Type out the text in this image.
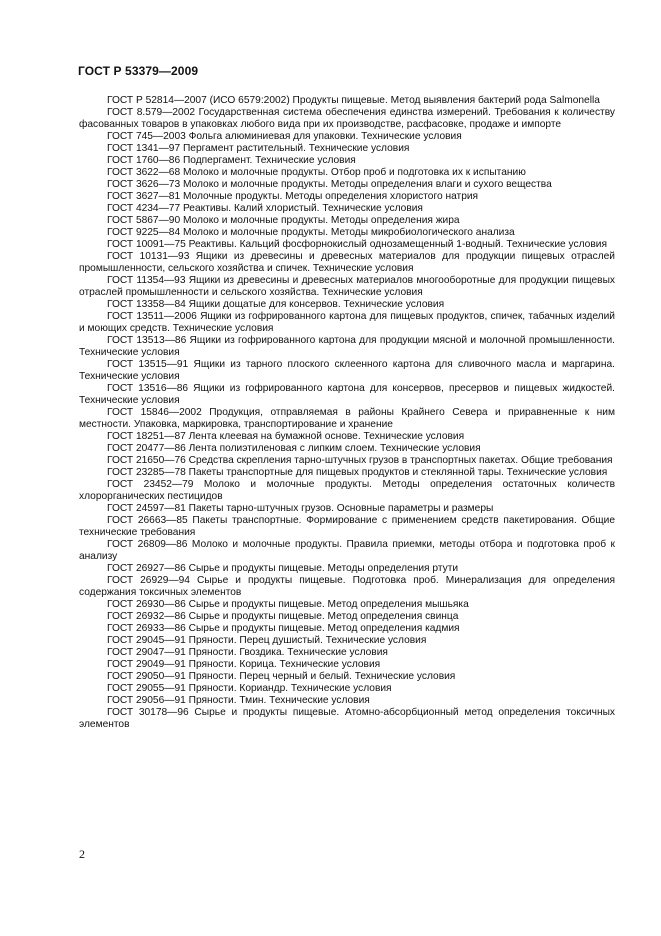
ГОСТ Р 53379—2009

ГОСТ Р 52814—2007 (ИСО 6579:2002) Продукты пищевые. Метод выявления бактерий рода Salmonella

ГОСТ 8.579—2002 Государственная система обеспечения единства измерений. Требования к количеству фасованных товаров в упаковках любого вида при их производстве, расфасовке, продаже и импорте

ГОСТ 745—2003 Фольга алюминиевая для упаковки. Технические условия

ГОСТ 1341—97 Пергамент растительный. Технические условия

ГОСТ 1760—86 Подпергамент. Технические условия

ГОСТ 3622—68 Молоко и молочные продукты. Отбор проб и подготовка их к испытанию

ГОСТ 3626—73 Молоко и молочные продукты. Методы определения влаги и сухого вещества

ГОСТ 3627—81 Молочные продукты. Методы определения хлористого натрия

ГОСТ 4234—77 Реактивы. Калий хлористый. Технические условия

ГОСТ 5867—90 Молоко и молочные продукты. Методы определения жира

ГОСТ 9225—84 Молоко и молочные продукты. Методы микробиологического анализа

ГОСТ 10091—75 Реактивы. Кальций фосфорнокислый однозамещенный 1-водный. Технические условия

ГОСТ 10131—93 Ящики из древесины и древесных материалов для продукции пищевых отраслей промышленности, сельского хозяйства и спичек. Технические условия

ГОСТ 11354—93 Ящики из древесины и древесных материалов многооборотные для продукции пищевых отраслей промышленности и сельского хозяйства. Технические условия

ГОСТ 13358—84 Ящики дощатые для консервов. Технические условия

ГОСТ 13511—2006 Ящики из гофрированного картона для пищевых продуктов, спичек, табачных изделий и моющих средств. Технические условия

ГОСТ 13513—86 Ящики из гофрированного картона для продукции мясной и молочной промышленности. Технические условия

ГОСТ 13515—91 Ящики из тарного плоского склеенного картона для сливочного масла и маргарина. Технические условия

ГОСТ 13516—86 Ящики из гофрированного картона для консервов, пресервов и пищевых жидкостей. Технические условия

ГОСТ 15846—2002 Продукция, отправляемая в районы Крайнего Севера и приравненные к ним местности. Упаковка, маркировка, транспортирование и хранение

ГОСТ 18251—87 Лента клеевая на бумажной основе. Технические условия

ГОСТ 20477—86 Лента полиэтиленовая с липким слоем. Технические условия

ГОСТ 21650—76 Средства скрепления тарно-штучных грузов в транспортных пакетах. Общие требования

ГОСТ 23285—78 Пакеты транспортные для пищевых продуктов и стеклянной тары. Технические условия

ГОСТ 23452—79 Молоко и молочные продукты. Методы определения остаточных количеств хлорорганических пестицидов

ГОСТ 24597—81 Пакеты тарно-штучных грузов. Основные параметры и размеры

ГОСТ 26663—85 Пакеты транспортные. Формирование с применением средств пакетирования. Общие технические требования

ГОСТ 26809—86 Молоко и молочные продукты. Правила приемки, методы отбора и подготовка проб к анализу

ГОСТ 26927—86 Сырье и продукты пищевые. Методы определения ртути

ГОСТ 26929—94 Сырье и продукты пищевые. Подготовка проб. Минерализация для определения содержания токсичных элементов

ГОСТ 26930—86 Сырье и продукты пищевые. Метод определения мышьяка

ГОСТ 26932—86 Сырье и продукты пищевые. Метод определения свинца

ГОСТ 26933—86 Сырье и продукты пищевые. Метод определения кадмия

ГОСТ 29045—91 Пряности. Перец душистый. Технические условия

ГОСТ 29047—91 Пряности. Гвоздика. Технические условия

ГОСТ 29049—91 Пряности. Корица. Технические условия

ГОСТ 29050—91 Пряности. Перец черный и белый. Технические условия

ГОСТ 29055—91 Пряности. Кориандр. Технические условия

ГОСТ 29056—91 Пряности. Тмин. Технические условия

ГОСТ 30178—96 Сырье и продукты пищевые. Атомно-абсорбционный метод определения токсичных элементов

2
